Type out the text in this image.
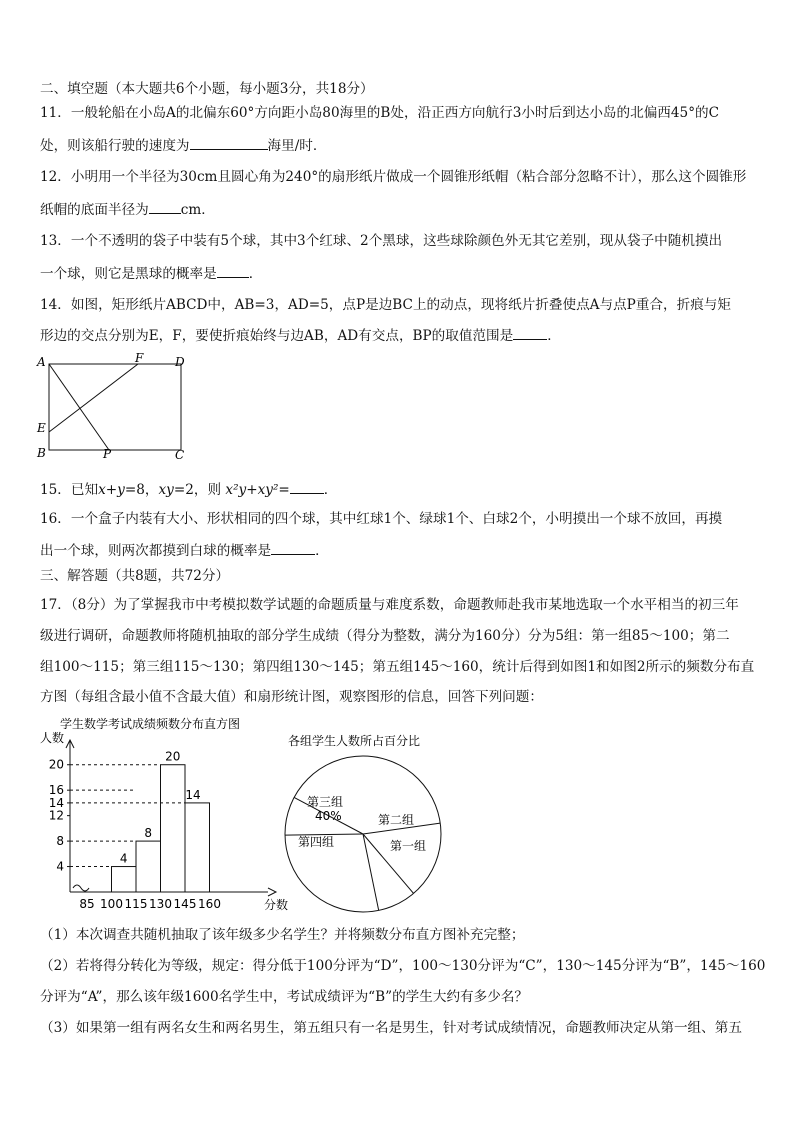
二、填空题（本大题共6个小题，每小题3分，共18分）
11．一般轮船在小岛A的北偏东60°方向距小岛80海里的B处，沿正西方向航行3小时后到达小岛的北偏西45°的C
处，则该船行驶的速度为	海里/时．
12．小明用一个半径为30cm且圆心角为240°的扇形纸片做成一个圆锥形纸帽（粘合部分忽略不计），那么这个圆锥形
纸帽的底面半径为 cm．
13．一个不透明的袋子中装有5个球，其中3个红球、2个黑球，这些球除颜色外无其它差别，现从袋子中随机摸出
一个球，则它是黑球的概率是 ．
14．如图，矩形纸片ABCD中，AB=3，AD=5，点P是边BC上的动点，现将纸片折叠使点A与点P重合，折痕与矩
形边的交点分别为E，F，要使折痕始终与边AB，AD有交点，BP的取值范围是	．
A	F	D
E
B	P	C
15．已知x+y=8，xy=2，则 x²y+xy²=	．
16．一个盒子内装有大小、形状相同的四个球，其中红球1个、绿球1个、白球2个，小明摸出一个球不放回，再摸
出一个球，则两次都摸到白球的概率是	．
三、解答题（共8题，共72分）
17．（8分）为了掌握我市中考模拟数学试题的命题质量与难度系数，命题教师赴我市某地选取一个水平相当的初三年
级进行调研，命题教师将随机抽取的部分学生成绩（得分为整数，满分为160分）分为5组：第一组85～100；第二
组100～115；第三组115～130；第四组130～145；第五组145～160，统计后得到如图1和如图2所示的频数分布直
方图（每组含最小值不含最大值）和扇形统计图，观察图形的信息，回答下列问题：
学生数学考试成绩频数分布直方图
人数
分数
4
8
12
14
16
20
4
8
20
14
85 100 115 130 145 160
各组学生人数所占百分比
第三组
40%	第二组
第一组
第四组
（1）本次调查共随机抽取了该年级多少名学生？并将频数分布直方图补充完整；
（2）若将得分转化为等级，规定：得分低于100分评为“D”，100～130分评为“C”，130～145分评为“B”，145～160
分评为“A”，那么该年级1600名学生中，考试成绩评为“B”的学生大约有多少名？
（3）如果第一组有两名女生和两名男生，第五组只有一名是男生，针对考试成绩情况，命题教师决定从第一组、第五
